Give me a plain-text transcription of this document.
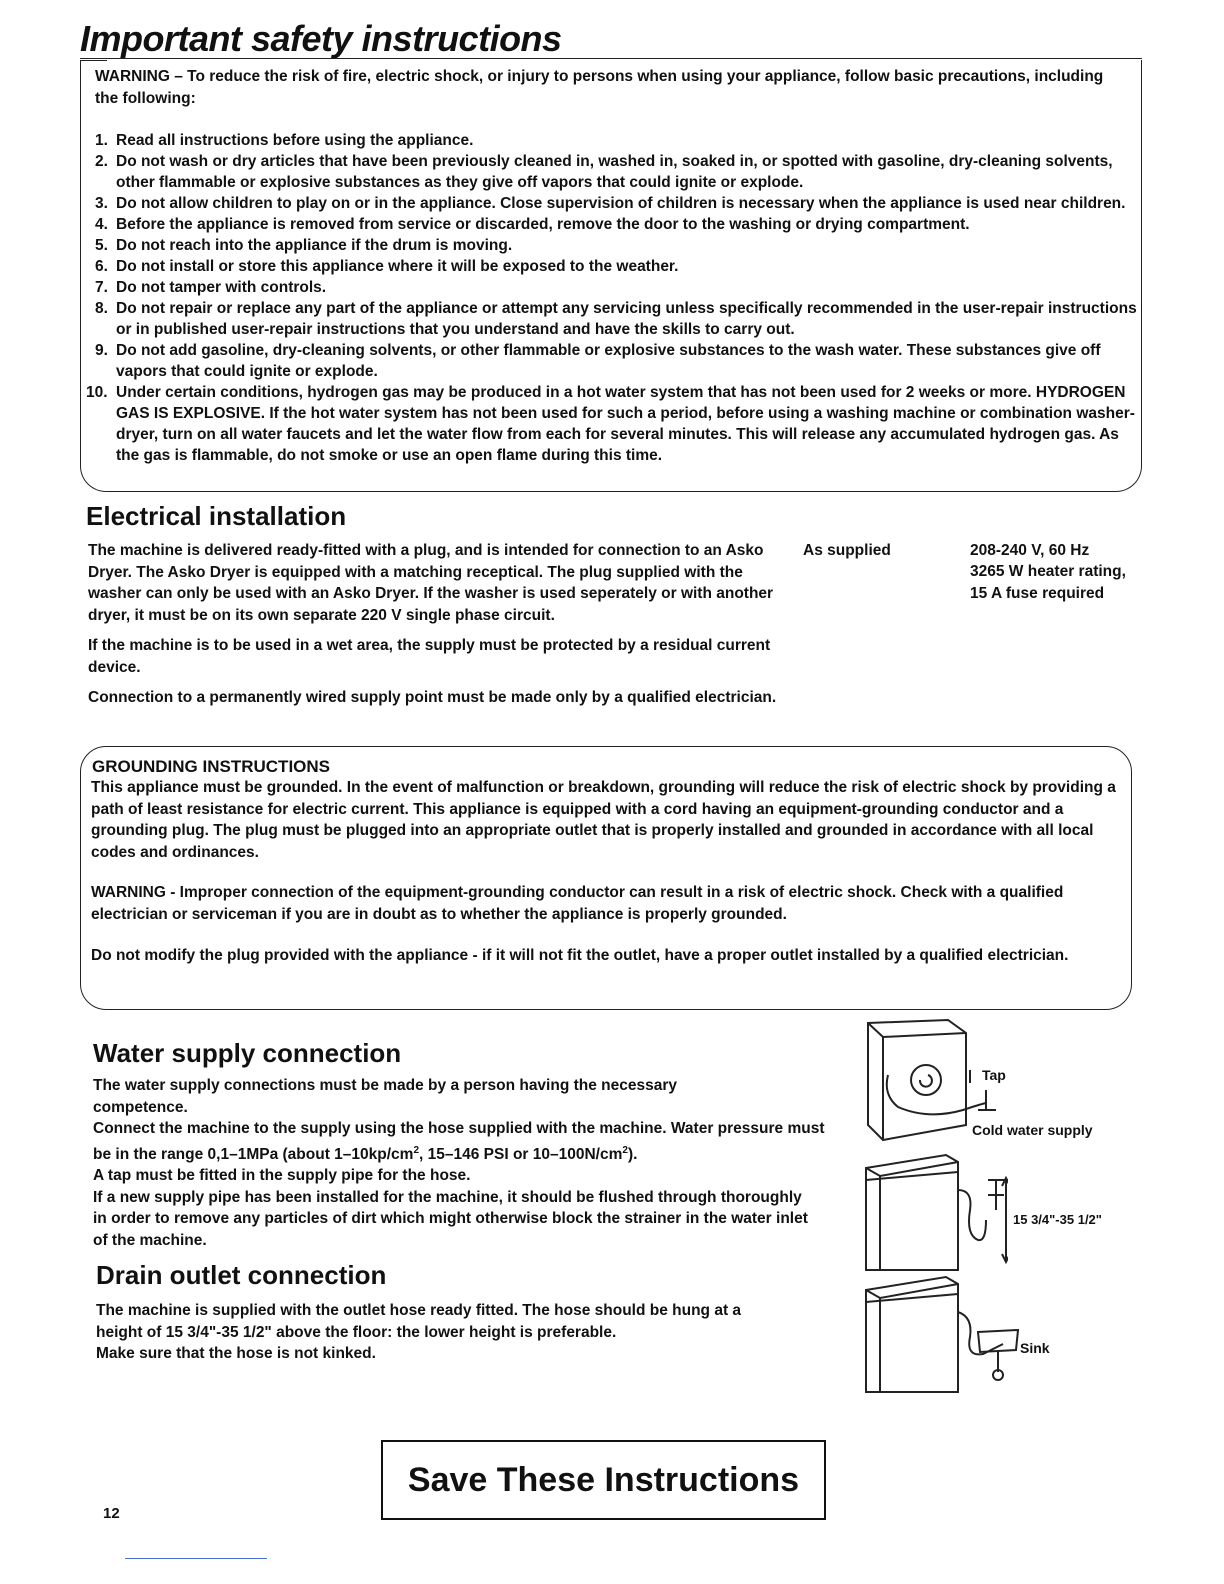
Important safety instructions
WARNING – To reduce the risk of fire, electric shock, or injury to persons when using your appliance, follow basic precautions, including the following:
1. Read all instructions before using the appliance.
2. Do not wash or dry articles that have been previously cleaned in, washed in, soaked in, or spotted with gasoline, dry-cleaning solvents, other flammable or explosive substances as they give off vapors that could ignite or explode.
3. Do not allow children to play on or in the appliance. Close supervision of children is necessary when the appliance is used near children.
4. Before the appliance is removed from service or discarded, remove the door to the washing or drying compartment.
5. Do not reach into the appliance if the drum is moving.
6. Do not install or store this appliance where it will be exposed to the weather.
7. Do not tamper with controls.
8. Do not repair or replace any part of the appliance or attempt any servicing unless specifically recommended in the user-repair instructions or in published user-repair instructions that you understand and have the skills to carry out.
9. Do not add gasoline, dry-cleaning solvents, or other flammable or explosive substances to the wash water. These substances give off vapors that could ignite or explode.
10. Under certain conditions, hydrogen gas may be produced in a hot water system that has not been used for 2 weeks or more. HYDROGEN GAS IS EXPLOSIVE. If the hot water system has not been used for such a period, before using a washing machine or combination washer-dryer, turn on all water faucets and let the water flow from each for several minutes. This will release any accumulated hydrogen gas. As the gas is flammable, do not smoke or use an open flame during this time.
Electrical installation
The machine is delivered ready-fitted with a plug, and is intended for connection to an Asko Dryer. The Asko Dryer is equipped with a matching receptical. The plug supplied with the washer can only be used with an Asko Dryer. If the washer is used seperately or with another dryer, it must be on its own separate 220 V single phase circuit.
If the machine is to be used in a wet area, the supply must be protected by a residual current device.
Connection to a permanently wired supply point must be made only by a qualified electrician.
As supplied	208-240 V, 60 Hz
3265 W heater rating,
15 A fuse required
GROUNDING INSTRUCTIONS
This appliance must be grounded. In the event of malfunction or breakdown, grounding will reduce the risk of electric shock by providing a path of least resistance for electric current. This appliance is equipped with a cord having an equipment-grounding conductor and a grounding plug. The plug must be plugged into an appropriate outlet that is properly installed and grounded in accordance with all local codes and ordinances.
WARNING - Improper connection of the equipment-grounding conductor can result in a risk of electric shock. Check with a qualified electrician or serviceman if you are in doubt as to whether the appliance is properly grounded.
Do not modify the plug provided with the appliance - if it will not fit the outlet, have a proper outlet installed by a qualified electrician.
Water supply connection
The water supply connections must be made by a person having the necessary competence.
Connect the machine to the supply using the hose supplied with the machine. Water pressure must be in the range 0,1–1MPa (about $1-10kp/cm^2$, 15–146 PSI or $10-100N/cm^2$).
A tap must be fitted in the supply pipe for the hose.
If a new supply pipe has been installed for the machine, it should be flushed through thoroughly in order to remove any particles of dirt which might otherwise block the strainer in the water inlet of the machine.
Drain outlet connection
The machine is supplied with the outlet hose ready fitted. The hose should be hung at a height of 15 3/4"-35 1/2" above the floor: the lower height is preferable.
Make sure that the hose is not kinked.
Tap
Cold water supply
15 3/4"-35 1/2"
Sink
Save These Instructions
12
